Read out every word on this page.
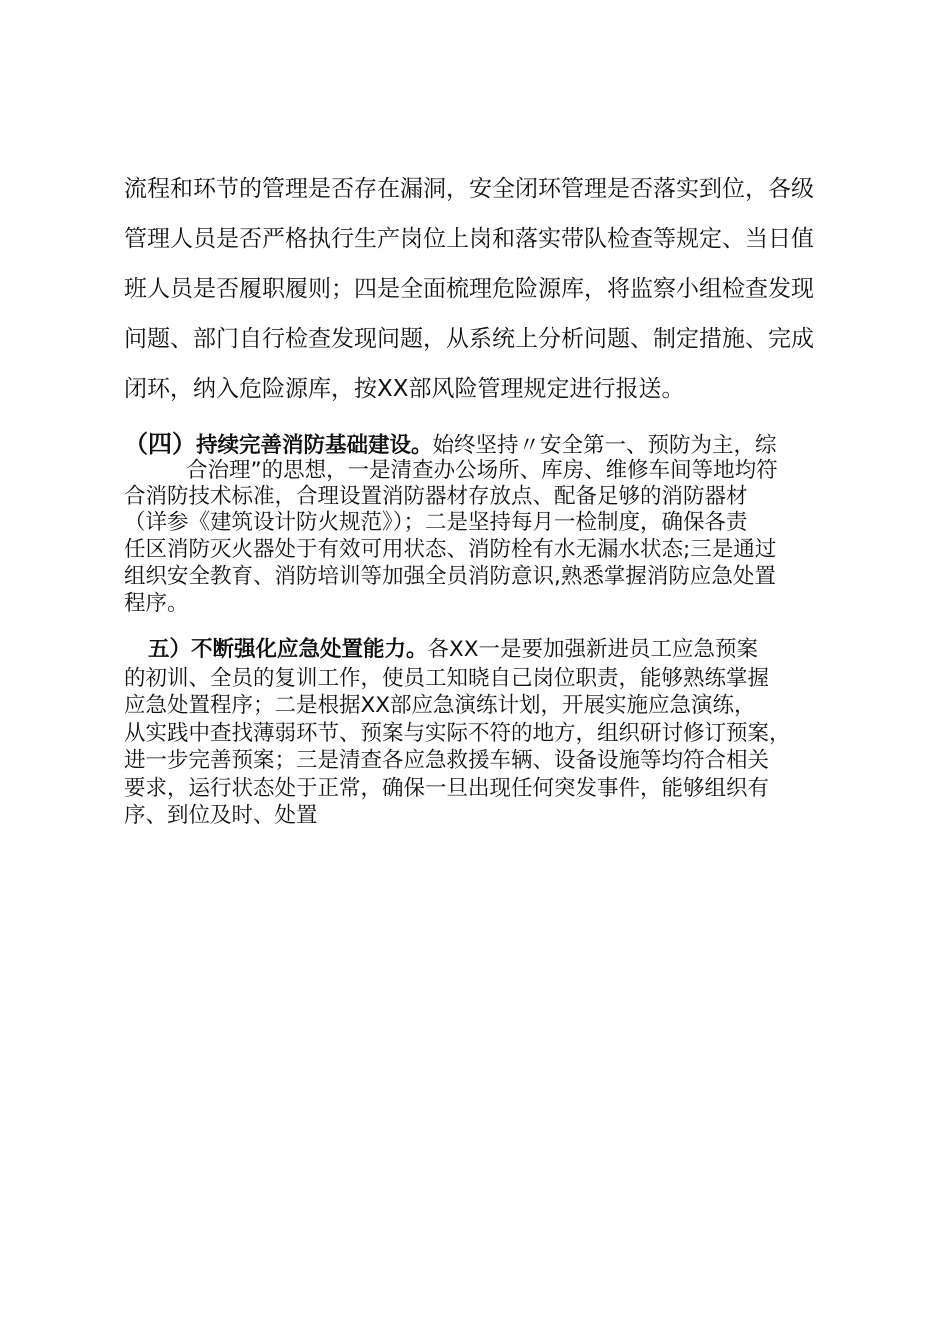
流程和环节的管理是否存在漏洞，安全闭环管理是否落实到位，各级

管理人员是否严格执行生产岗位上岗和落实带队检查等规定、当日值

班人员是否履职履则；四是全面梳理危险源库，将监察小组检查发现

问题、部门自行检查发现问题，从系统上分析问题、制定措施、完成

闭环，纳入危险源库，按XX部风险管理规定进行报送。

（四）持续完善消防基础建设。始终坚持〃安全第一、预防为主，综

合治理”的思想，一是清查办公场所、库房、维修车间等地均符

合消防技术标准，合理设置消防器材存放点、配备足够的消防器材

（详参《建筑设计防火规范》）；二是坚持每月一检制度，确保各责

任区消防灭火器处于有效可用状态、消防栓有水无漏水状态;三是通过

组织安全教育、消防培训等加强全员消防意识,熟悉掌握消防应急处置

程序。

五）不断强化应急处置能力。各XX一是要加强新进员工应急预案

的初训、全员的复训工作，使员工知晓自己岗位职责，能够熟练掌握

应急处置程序；二是根据XX部应急演练计划，开展实施应急演练，

从实践中查找薄弱环节、预案与实际不符的地方，组织研讨修订预案，

进一步完善预案；三是清查各应急救援车辆、设备设施等均符合相关

要求，运行状态处于正常，确保一旦出现任何突发事件，能够组织有

序、到位及时、处置
